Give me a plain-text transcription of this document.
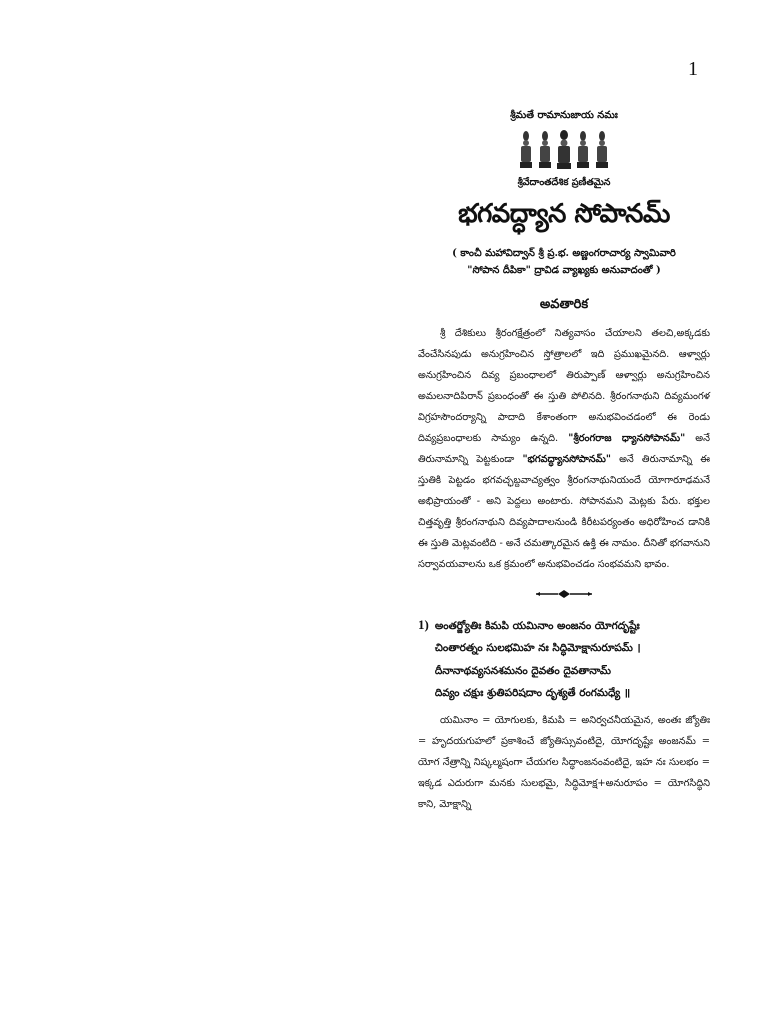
1
శ్రీమతే రామానుజాయ నమః
శ్రీవేదాంతదేశిక ప్రణీతమైన
భగవద్ధ్యాన సోపానమ్
( కాంచీ మహావిద్వాన్ శ్రీ ప్ర.భ. అణ్ణంగరాచార్య స్వామివారి
"సోపాన దీపికా" ద్రావిడ వ్యాఖ్యకు అనువాదంతో )
అవతారిక

శ్రీ దేశికులు శ్రీరంగక్షేత్రంలో నిత్యవాసం చేయాలని తలచి,అక్కడకు వేంచేసినపుడు అనుగ్రహించిన స్తోత్రాలలో ఇది ప్రముఖమైనది. ఆళ్వార్లు అనుగ్రహించిన దివ్య ప్రబంధాలలో తిరుప్పాణ్ ఆళ్వార్లు అనుగ్రహించిన అమలనాదిపిరాన్ ప్రబంధంతో ఈ స్తుతి పోలినది. శ్రీరంగనాథుని దివ్యమంగళ విగ్రహసౌందర్యాన్ని పాదాది కేశాంతంగా అనుభవించడంలో ఈ రెండు దివ్యప్రబంధాలకు సామ్యం ఉన్నది. "శ్రీరంగరాజ ధ్యానసోపానమ్" అనే తిరునామాన్ని పెట్టకుండా "భగవద్ధ్యానసోపానమ్" అనే తిరునామాన్ని ఈ స్తుతికి పెట్టడం భగవచ్ఛబ్దవాచ్యత్వం శ్రీరంగనాథునియందే యోగారూఢమనే అభిప్రాయంతో - అని పెద్దలు అంటారు. సోపానమని మెట్లకు పేరు. భక్తుల చిత్తవృత్తి శ్రీరంగనాథుని దివ్యపాదాలనుండి కిరీటపర్యంతం అధిరోహించ డానికి ఈ స్తుతి మెట్లవంటిది - అనే చమత్కారమైన ఉక్తి ఈ నామం. దీనితో భగవానుని సర్వావయవాలను ఒక క్రమంలో అనుభవించడం సంభవమని భావం.

1) అంతర్జ్యోతిః కిమపి యమినాం అంజనం యోగదృష్టేః
చింతారత్నం సులభమిహ నః సిద్ధిమోక్షానురూపమ్ ।
దీనానాథవ్యసనశమనం దైవతం దైవతానామ్
దివ్యం చక్షుః శ్రుతిపరిషదాం దృశ్యతే రంగమధ్యే ॥

యమినాం = యోగులకు, కిమపి = అనిర్వచనీయమైన, అంతః జ్యోతిః = హృదయగుహలో ప్రకాశించే జ్యోతిస్సువంటిదై, యోగదృష్టేః అంజనమ్ = యోగ నేత్రాన్ని నిష్కల్మషంగా చేయగల సిద్ధాంజనంవంటిదై, ఇహ నః సులభం = ఇక్కడ ఎదురుగా మనకు సులభమై, సిద్ధిమోక్ష+అనురూపం = యోగసిద్ధిని కాని, మోక్షాన్ని
